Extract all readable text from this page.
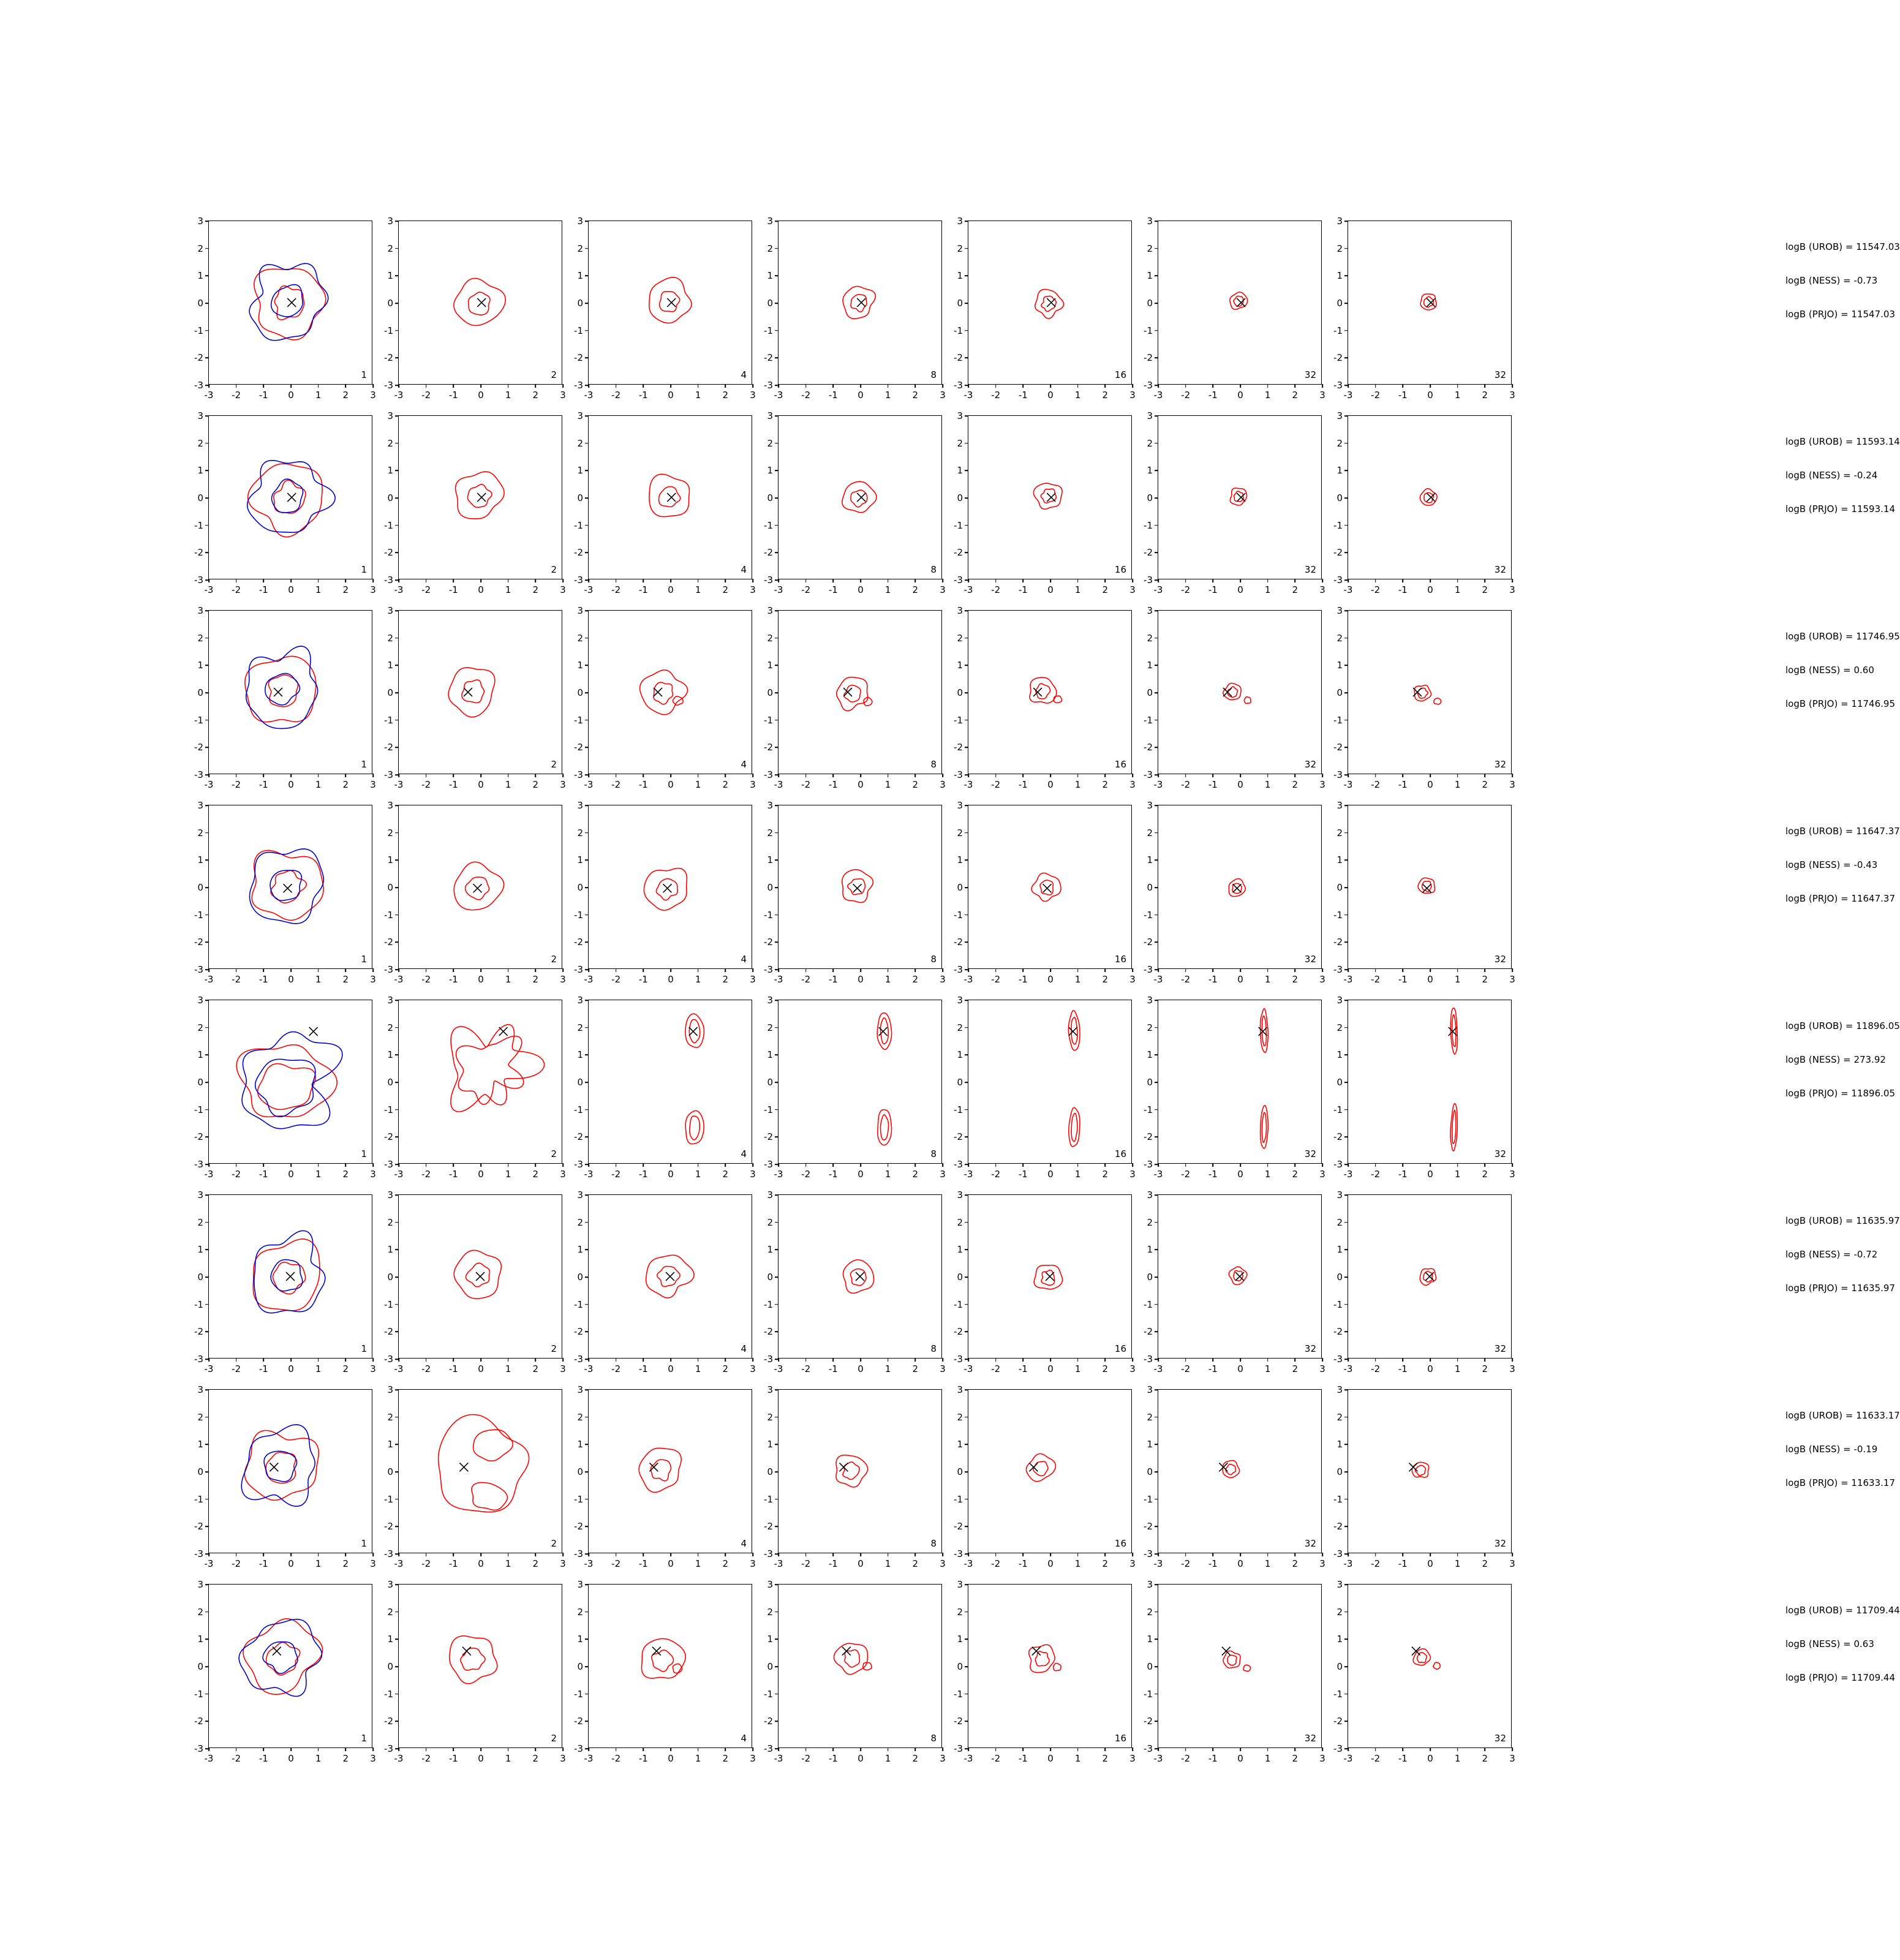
-3 -2 -1 0 1 2 3
3
2
1
0
-1
-2
-3
1
-3 -2 -1 0 1 2 3
3
2
1
0
-1
-2
-3
2
-3 -2 -1 0 1 2 3
3
2
1
0
-1
-2
-3
4
-3 -2 -1 0 1 2 3
3
2
1
0
-1
-2
-3
8
-3 -2 -1 0 1 2 3
3
2
1
0
-1
-2
-3
16
-3 -2 -1 0 1 2 3
3
2
1
0
-1
-2
-3
32
-3 -2 -1 0 1 2 3
3
2
1
0
-1
-2
-3
32
logB (UROB) = 11547.03
logB (NESS) = -0.73
logB (PRJO) = 11547.03
-3 -2 -1 0 1 2 3
3
2
1
0
-1
-2
-3
1
-3 -2 -1 0 1 2 3
3
2
1
0
-1
-2
-3
2
-3 -2 -1 0 1 2 3
3
2
1
0
-1
-2
-3
4
-3 -2 -1 0 1 2 3
3
2
1
0
-1
-2
-3
8
-3 -2 -1 0 1 2 3
3
2
1
0
-1
-2
-3
16
-3 -2 -1 0 1 2 3
3
2
1
0
-1
-2
-3
32
-3 -2 -1 0 1 2 3
3
2
1
0
-1
-2
-3
32
logB (UROB) = 11593.14
logB (NESS) = -0.24
logB (PRJO) = 11593.14
-3 -2 -1 0 1 2 3
3
2
1
0
-1
-2
-3
1
-3 -2 -1 0 1 2 3
3
2
1
0
-1
-2
-3
2
-3 -2 -1 0 1 2 3
3
2
1
0
-1
-2
-3
4
-3 -2 -1 0 1 2 3
3
2
1
0
-1
-2
-3
8
-3 -2 -1 0 1 2 3
3
2
1
0
-1
-2
-3
16
-3 -2 -1 0 1 2 3
3
2
1
0
-1
-2
-3
32
-3 -2 -1 0 1 2 3
3
2
1
0
-1
-2
-3
32
logB (UROB) = 11746.95
logB (NESS) = 0.60
logB (PRJO) = 11746.95
-3 -2 -1 0 1 2 3
3
2
1
0
-1
-2
-3
1
-3 -2 -1 0 1 2 3
3
2
1
0
-1
-2
-3
2
-3 -2 -1 0 1 2 3
3
2
1
0
-1
-2
-3
4
-3 -2 -1 0 1 2 3
3
2
1
0
-1
-2
-3
8
-3 -2 -1 0 1 2 3
3
2
1
0
-1
-2
-3
16
-3 -2 -1 0 1 2 3
3
2
1
0
-1
-2
-3
32
-3 -2 -1 0 1 2 3
3
2
1
0
-1
-2
-3
32
logB (UROB) = 11647.37
logB (NESS) = -0.43
logB (PRJO) = 11647.37
-3 -2 -1 0 1 2 3
3
2
1
0
-1
-2
-3
1
-3 -2 -1 0 1 2 3
3
2
1
0
-1
-2
-3
2
-3 -2 -1 0 1 2 3
3
2
1
0
-1
-2
-3
4
-3 -2 -1 0 1 2 3
3
2
1
0
-1
-2
-3
8
-3 -2 -1 0 1 2 3
3
2
1
0
-1
-2
-3
16
-3 -2 -1 0 1 2 3
3
2
1
0
-1
-2
-3
32
-3 -2 -1 0 1 2 3
3
2
1
0
-1
-2
-3
32
logB (UROB) = 11896.05
logB (NESS) = 273.92
logB (PRJO) = 11896.05
-3 -2 -1 0 1 2 3
3
2
1
0
-1
-2
-3
1
-3 -2 -1 0 1 2 3
3
2
1
0
-1
-2
-3
2
-3 -2 -1 0 1 2 3
3
2
1
0
-1
-2
-3
4
-3 -2 -1 0 1 2 3
3
2
1
0
-1
-2
-3
8
-3 -2 -1 0 1 2 3
3
2
1
0
-1
-2
-3
16
-3 -2 -1 0 1 2 3
3
2
1
0
-1
-2
-3
32
-3 -2 -1 0 1 2 3
3
2
1
0
-1
-2
-3
32
logB (UROB) = 11635.97
logB (NESS) = -0.72
logB (PRJO) = 11635.97
-3 -2 -1 0 1 2 3
3
2
1
0
-1
-2
-3
1
-3 -2 -1 0 1 2 3
3
2
1
0
-1
-2
-3
2
-3 -2 -1 0 1 2 3
3
2
1
0
-1
-2
-3
4
-3 -2 -1 0 1 2 3
3
2
1
0
-1
-2
-3
8
-3 -2 -1 0 1 2 3
3
2
1
0
-1
-2
-3
16
-3 -2 -1 0 1 2 3
3
2
1
0
-1
-2
-3
32
-3 -2 -1 0 1 2 3
3
2
1
0
-1
-2
-3
32
logB (UROB) = 11633.17
logB (NESS) = -0.19
logB (PRJO) = 11633.17
-3 -2 -1 0 1 2 3
3
2
1
0
-1
-2
-3
1
-3 -2 -1 0 1 2 3
3
2
1
0
-1
-2
-3
2
-3 -2 -1 0 1 2 3
3
2
1
0
-1
-2
-3
4
-3 -2 -1 0 1 2 3
3
2
1
0
-1
-2
-3
8
-3 -2 -1 0 1 2 3
3
2
1
0
-1
-2
-3
16
-3 -2 -1 0 1 2 3
3
2
1
0
-1
-2
-3
32
-3 -2 -1 0 1 2 3
3
2
1
0
-1
-2
-3
32
logB (UROB) = 11709.44
logB (NESS) = 0.63
logB (PRJO) = 11709.44
